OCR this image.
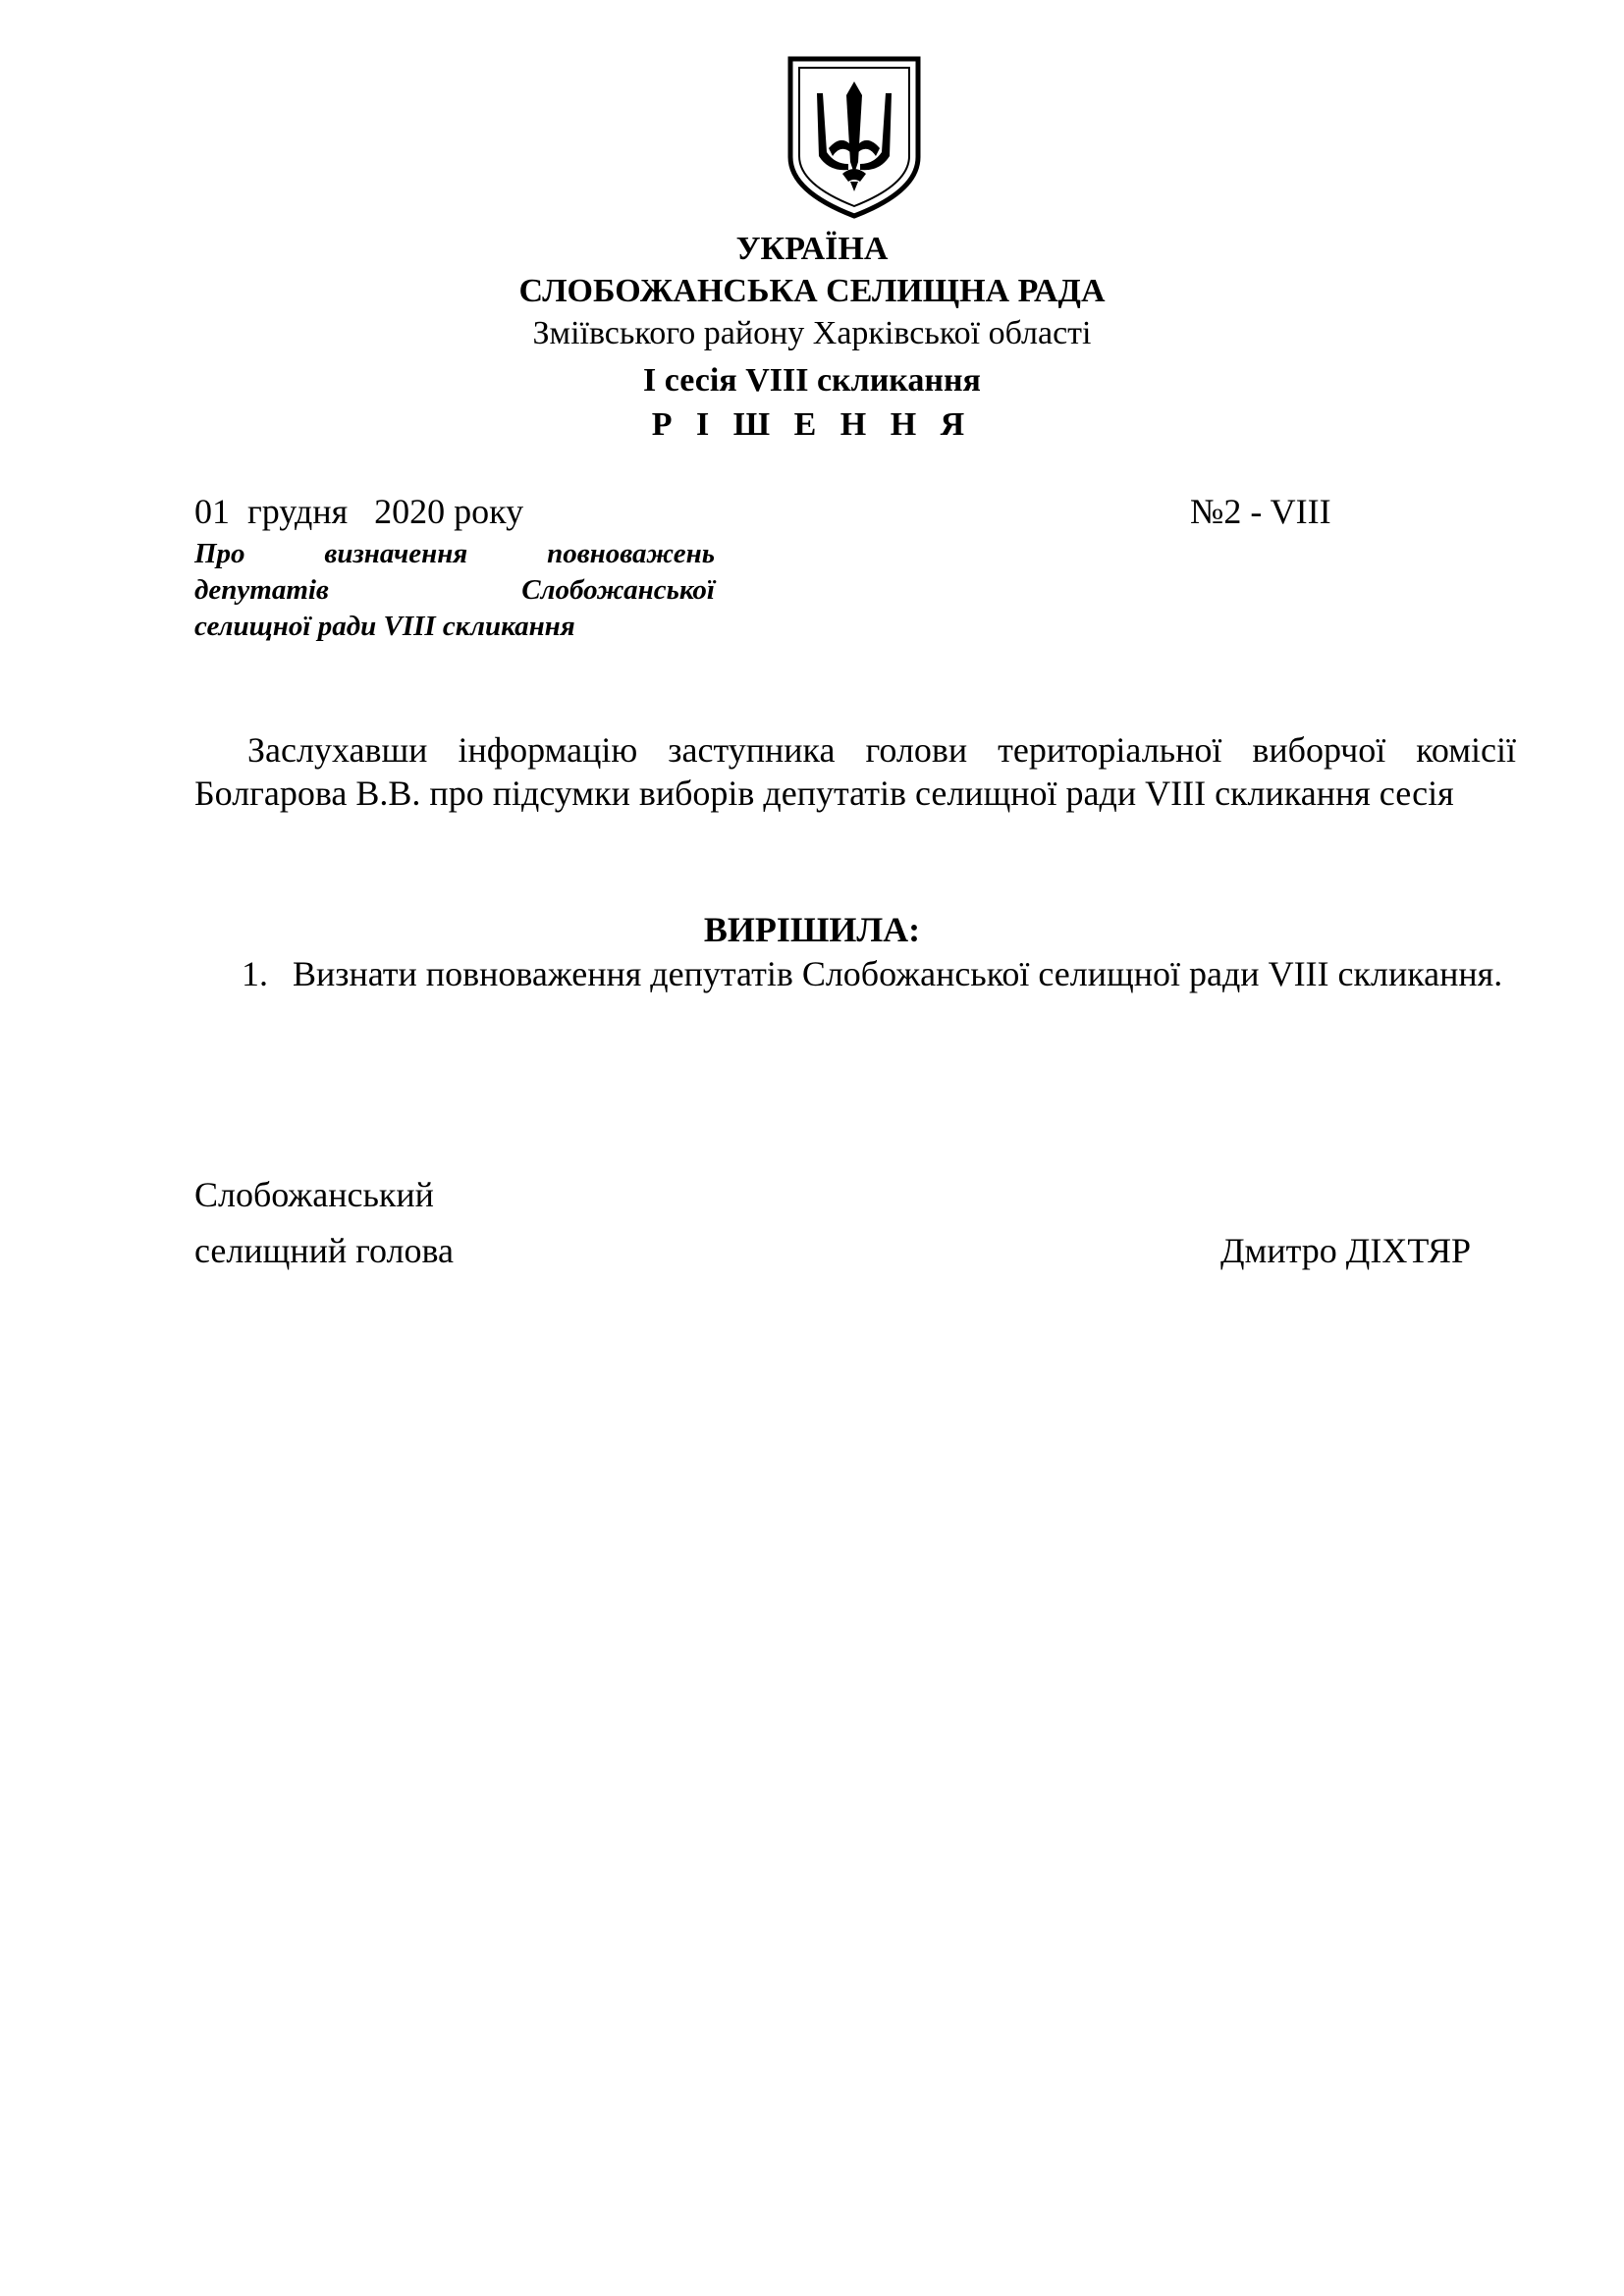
УКРАЇНА
СЛОБОЖАНСЬКА СЕЛИЩНА РАДА
Зміївського району Харківської області
I сесія VIII скликання
Р І Ш Е Н Н Я
01  грудня   2020 року	№2 - VIII
Про визначення повноважень
депутатів Слобожанської
селищної ради VIII скликання
Заслухавши інформацію заступника голови територіальної виборчої комісії Болгарова В.В. про підсумки виборів депутатів селищної ради VIII скликання сесія
ВИРІШИЛА:
1. Визнати повноваження депутатів Слобожанської селищної ради VIII скликання.
Слобожанський
селищний голова	Дмитро ДІХТЯР
